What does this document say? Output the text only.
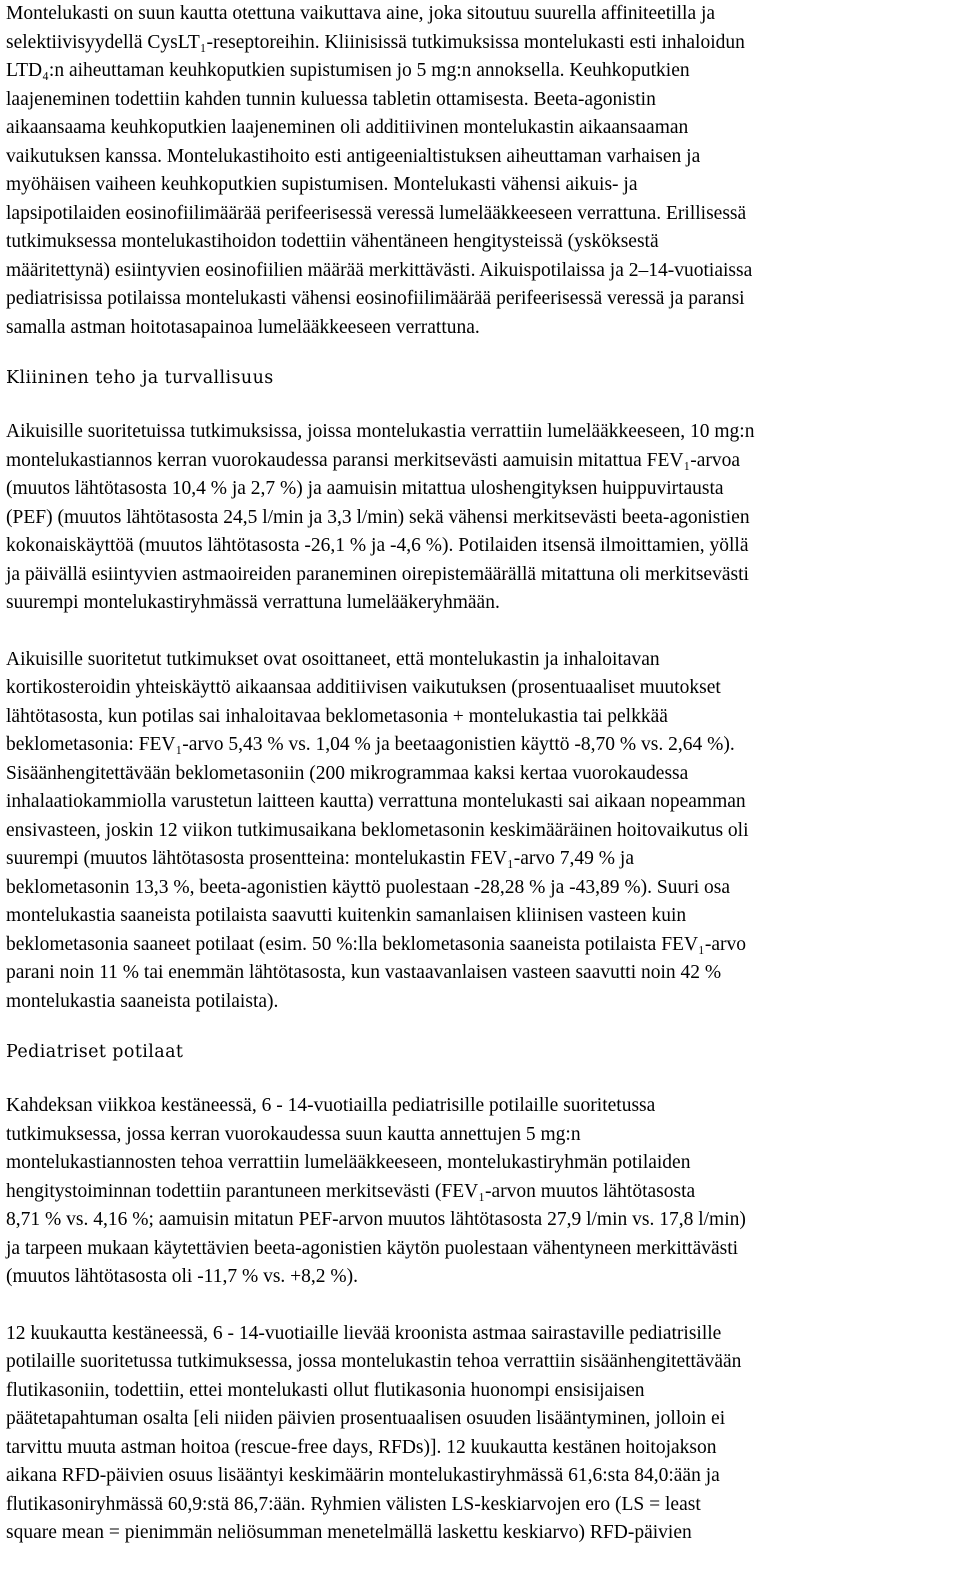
Montelukasti on suun kautta otettuna vaikuttava aine, joka sitoutuu suurella affiniteetilla ja
selektiivisyydellä CysLT₁-reseptoreihin. Kliinisissä tutkimuksissa montelukasti esti inhaloidun
LTD₄:n aiheuttaman keuhkoputkien supistumisen jo 5 mg:n annoksella. Keuhkoputkien
laajeneminen todettiin kahden tunnin kuluessa tabletin ottamisesta. Beeta-agonistin
aikaansaama keuhkoputkien laajeneminen oli additiivinen montelukastin aikaansaaman
vaikutuksen kanssa. Montelukastihoito esti antigeenialtistuksen aiheuttaman varhaisen ja
myöhäisen vaiheen keuhkoputkien supistumisen. Montelukasti vähensi aikuis- ja
lapsipotilaiden eosinofiilimäärää perifeerisessä veressä lumelääkkeeseen verrattuna. Erillisessä
tutkimuksessa montelukastihoidon todettiin vähentäneen hengitysteissä (ysköksestä
määritettynä) esiintyvien eosinofiilien määrää merkittävästi. Aikuispotilaissa ja 2–14-vuotiaissa
pediatrisissa potilaissa montelukasti vähensi eosinofiilimäärää perifeerisessä veressä ja paransi
samalla astman hoitotasapainoa lumelääkkeeseen verrattuna.
Kliininen teho ja turvallisuus
Aikuisille suoritetuissa tutkimuksissa, joissa montelukastia verrattiin lumelääkkeeseen, 10 mg:n
montelukastiannos kerran vuorokaudessa paransi merkitsevästi aamuisin mitattua FEV₁-arvoa
(muutos lähtötasosta 10,4 % ja 2,7 %) ja aamuisin mitattua uloshengityksen huippuvirtausta
(PEF) (muutos lähtötasosta 24,5 l/min ja 3,3 l/min) sekä vähensi merkitsevästi beeta-agonistien
kokonaiskäyttöä (muutos lähtötasosta -26,1 % ja -4,6 %). Potilaiden itsensä ilmoittamien, yöllä
ja päivällä esiintyvien astmaoireiden paraneminen oirepistemäärällä mitattuna oli merkitsevästi
suurempi montelukastiryhmässä verrattuna lumelääkeryhmään.
Aikuisille suoritetut tutkimukset ovat osoittaneet, että montelukastin ja inhaloitavan
kortikosteroidin yhteiskäyttö aikaansaa additiivisen vaikutuksen (prosentuaaliset muutokset
lähtötasosta, kun potilas sai inhaloitavaa beklometasonia + montelukastia tai pelkkää
beklometasonia: FEV₁-arvo 5,43 % vs. 1,04 % ja beetaagonistien käyttö -8,70 % vs. 2,64 %).
Sisäänhengitettävään beklometasoniin (200 mikrogrammaa kaksi kertaa vuorokaudessa
inhalaatiokammiolla varustetun laitteen kautta) verrattuna montelukasti sai aikaan nopeamman
ensivasteen, joskin 12 viikon tutkimusaikana beklometasonin keskimääräinen hoitovaikutus oli
suurempi (muutos lähtötasosta prosentteina: montelukastin FEV₁-arvo 7,49 % ja
beklometasonin 13,3 %, beeta-agonistien käyttö puolestaan -28,28 % ja -43,89 %). Suuri osa
montelukastia saaneista potilaista saavutti kuitenkin samanlaisen kliinisen vasteen kuin
beklometasonia saaneet potilaat (esim. 50 %:lla beklometasonia saaneista potilaista FEV₁-arvo
parani noin 11 % tai enemmän lähtötasosta, kun vastaavanlaisen vasteen saavutti noin 42 %
montelukastia saaneista potilaista).
Pediatriset potilaat
Kahdeksan viikkoa kestäneessä, 6 - 14-vuotiailla pediatrisille potilaille suoritetussa
tutkimuksessa, jossa kerran vuorokaudessa suun kautta annettujen 5 mg:n
montelukastiannosten tehoa verrattiin lumelääkkeeseen, montelukastiryhmän potilaiden
hengitystoiminnan todettiin parantuneen merkitsevästi (FEV₁-arvon muutos lähtötasosta
8,71 % vs. 4,16 %; aamuisin mitatun PEF-arvon muutos lähtötasosta 27,9 l/min vs. 17,8 l/min)
ja tarpeen mukaan käytettävien beeta-agonistien käytön puolestaan vähentyneen merkittävästi
(muutos lähtötasosta oli -11,7 % vs. +8,2 %).
12 kuukautta kestäneessä, 6 - 14-vuotiaille lievää kroonista astmaa sairastaville pediatrisille
potilaille suoritetussa tutkimuksessa, jossa montelukastin tehoa verrattiin sisäänhengitettävään
flutikasoniin, todettiin, ettei montelukasti ollut flutikasonia huonompi ensisijaisen
päätetapahtuman osalta [eli niiden päivien prosentuaalisen osuuden lisääntyminen, jolloin ei
tarvittu muuta astman hoitoa (rescue-free days, RFDs)]. 12 kuukautta kestänen hoitojakson
aikana RFD-päivien osuus lisääntyi keskimäärin montelukastiryhmässä 61,6:sta 84,0:ään ja
flutikasoniryhmässä 60,9:stä 86,7:ään. Ryhmien välisten LS-keskiarvojen ero (LS = least
square mean = pienimmän neliösumman menetelmällä laskettu keskiarvo) RFD-päivien
